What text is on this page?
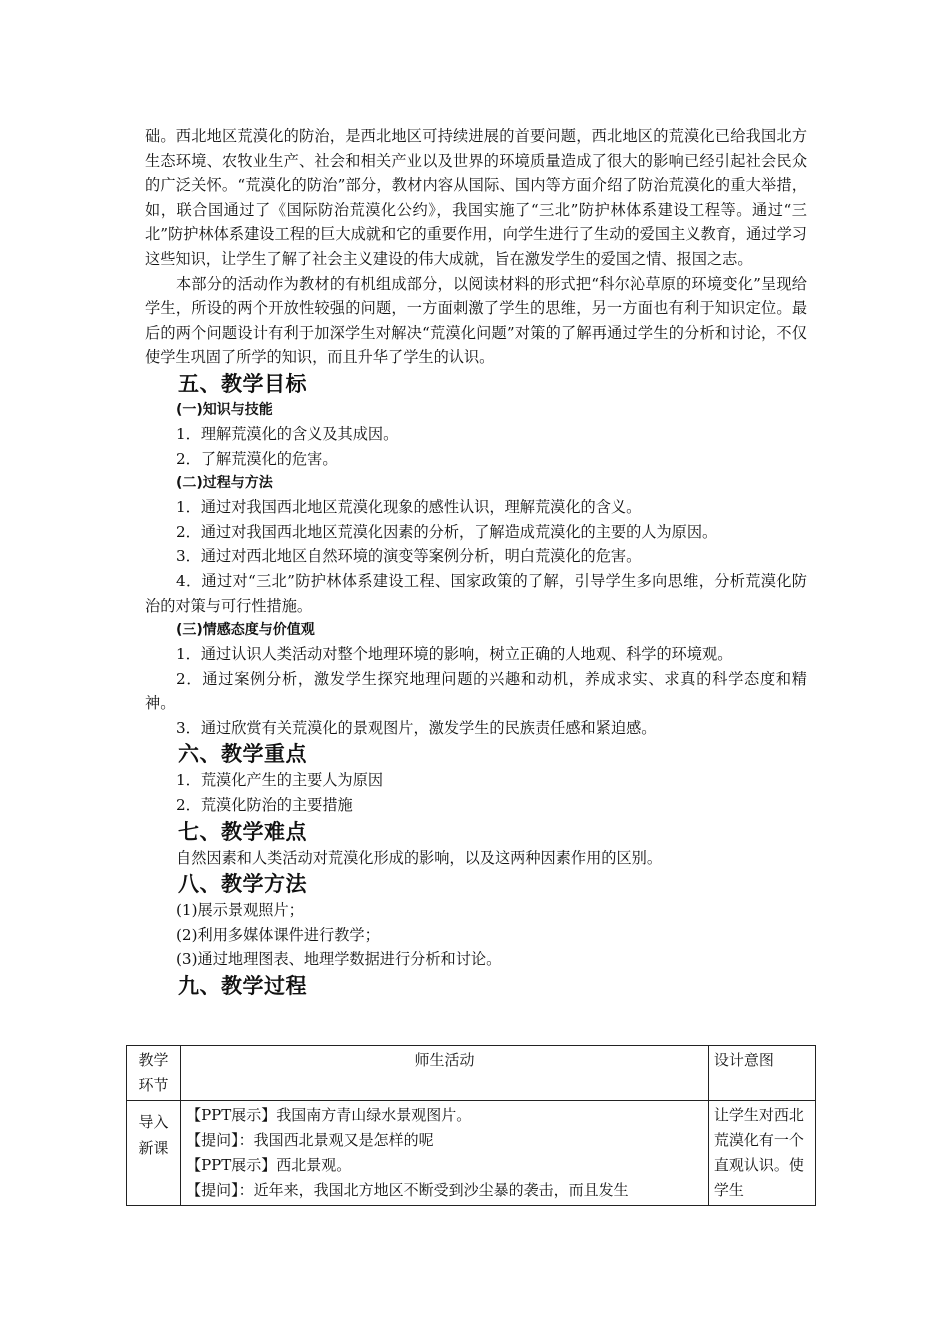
础。西北地区荒漠化的防治，是西北地区可持续进展的首要问题，西北地区的荒漠化已给我国北方生态环境、农牧业生产、社会和相关产业以及世界的环境质量造成了很大的影响已经引起社会民众的广泛关怀。“荒漠化的防治”部分，教材内容从国际、国内等方面介绍了防治荒漠化的重大举措，如，联合国通过了《国际防治荒漠化公约》，我国实施了“三北”防护林体系建设工程等。通过“三北”防护林体系建设工程的巨大成就和它的重要作用，向学生进行了生动的爱国主义教育，通过学习这些知识，让学生了解了社会主义建设的伟大成就，旨在激发学生的爱国之情、报国之志。

本部分的活动作为教材的有机组成部分，以阅读材料的形式把“科尔沁草原的环境变化”呈现给学生，所设的两个开放性较强的问题，一方面刺激了学生的思维，另一方面也有利于知识定位。最后的两个问题设计有利于加深学生对解决“荒漠化问题”对策的了解再通过学生的分析和讨论，不仅使学生巩固了所学的知识，而且升华了学生的认识。

五、教学目标
(一)知识与技能

1．理解荒漠化的含义及其成因。

2．了解荒漠化的危害。

(二)过程与方法

1．通过对我国西北地区荒漠化现象的感性认识，理解荒漠化的含义。

2．通过对我国西北地区荒漠化因素的分析，了解造成荒漠化的主要的人为原因。

3．通过对西北地区自然环境的演变等案例分析，明白荒漠化的危害。

4．通过对“三北”防护林体系建设工程、国家政策的了解，引导学生多向思维，分析荒漠化防治的对策与可行性措施。

(三)情感态度与价值观

1．通过认识人类活动对整个地理环境的影响，树立正确的人地观、科学的环境观。

2．通过案例分析，激发学生探究地理问题的兴趣和动机，养成求实、求真的科学态度和精神。

3．通过欣赏有关荒漠化的景观图片，激发学生的民族责任感和紧迫感。

六、教学重点

1．荒漠化产生的主要人为原因

2．荒漠化防治的主要措施

七、教学难点

自然因素和人类活动对荒漠化形成的影响，以及这两种因素作用的区别。

八、教学方法

(1)展示景观照片；

(2)利用多媒体课件进行教学；

(3)通过地理图表、地理学数据进行分析和讨论。

九、教学过程
教学环节	师生活动	设计意图
导入新课	【PPT展示】我国南方青山绿水景观图片。
【提问】：我国西北景观又是怎样的呢
【PPT展示】西北景观。
【提问】：近年来，我国北方地区不断受到沙尘暴的袭击，而且发生	让学生对西北荒漠化有一个直观认识。使学生
